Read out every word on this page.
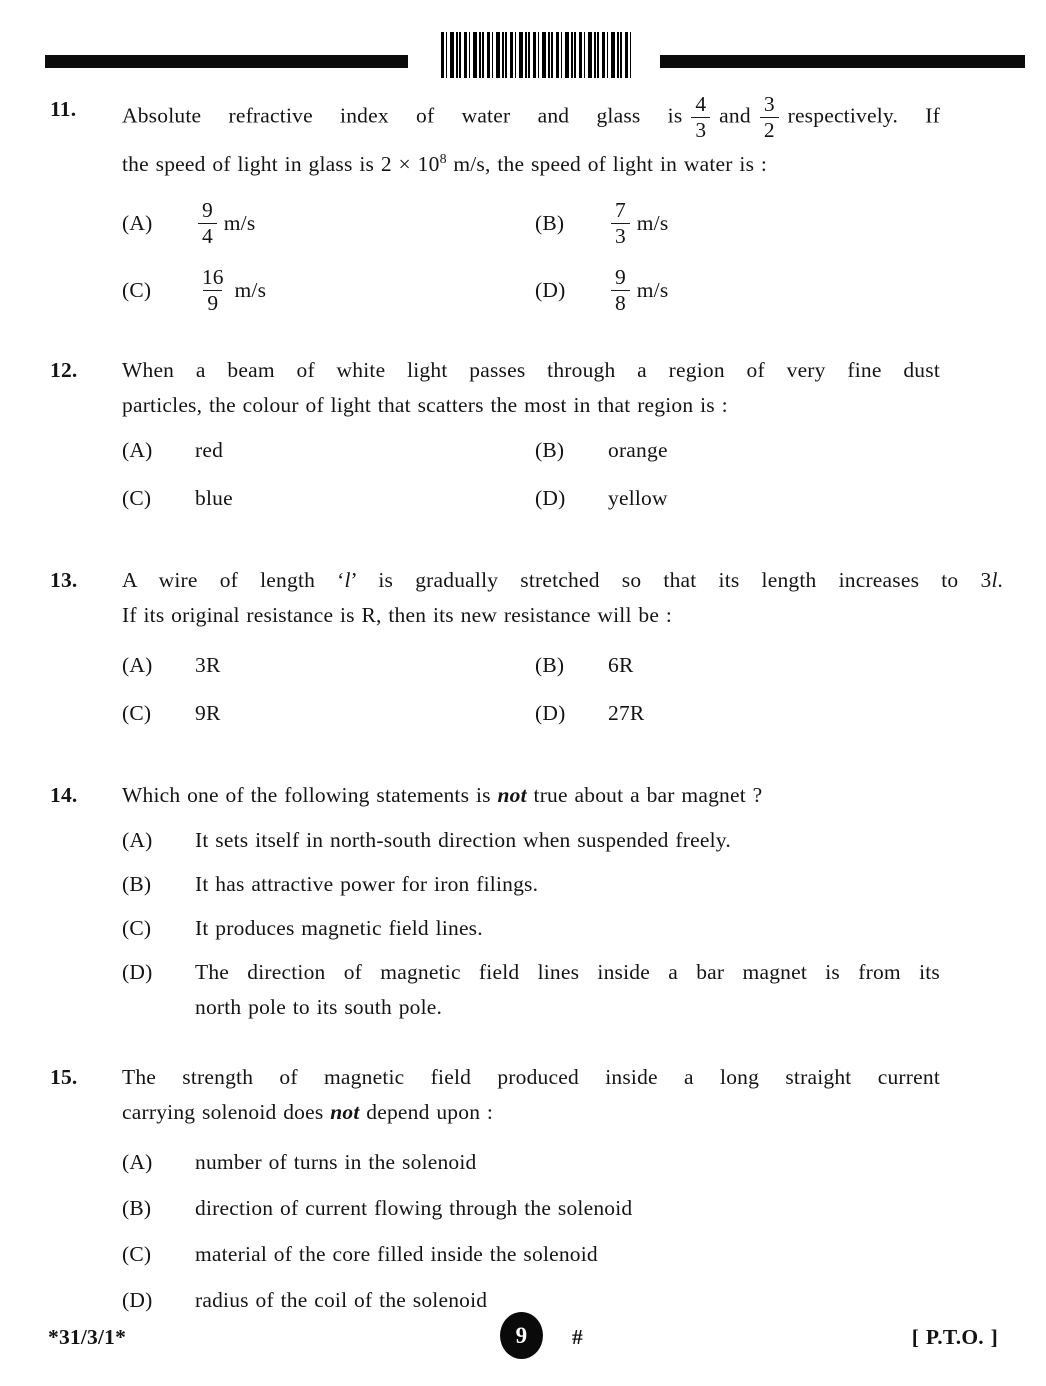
11.	Absolute refractive index of water and glass is $\frac{4}{3}$ and $\frac{3}{2}$ respectively. If
the speed of light in glass is $2 \times 10^8$ m/s, the speed of light in water is :
(A)	$\frac{9}{4} m/s$	(B)	$\frac{7}{3} m/s$
(C)	$\frac{16}{9} m/s$	(D)	$\frac{9}{8} m/s$
12.	When a beam of white light passes through a region of very fine dust
particles, the colour of light that scatters the most in that region is :
(A)	red	(B)	orange
(C)	blue	(D)	yellow
13.	A wire of length ‘l’ is gradually stretched so that its length increases to 3l.
If its original resistance is R, then its new resistance will be :
(A)	3R	(B)	6R
(C)	9R	(D)	27R
14.	Which one of the following statements is not true about a bar magnet ?
(A)	It sets itself in north-south direction when suspended freely.
(B)	It has attractive power for iron filings.
(C)	It produces magnetic field lines.
(D)	The direction of magnetic field lines inside a bar magnet is from its
north pole to its south pole.
15.	The strength of magnetic field produced inside a long straight current
carrying solenoid does not depend upon :
(A)	number of turns in the solenoid
(B)	direction of current flowing through the solenoid
(C)	material of the core filled inside the solenoid
(D)	radius of the coil of the solenoid
*31/3/1*	9 #	[ P.T.O. ]
